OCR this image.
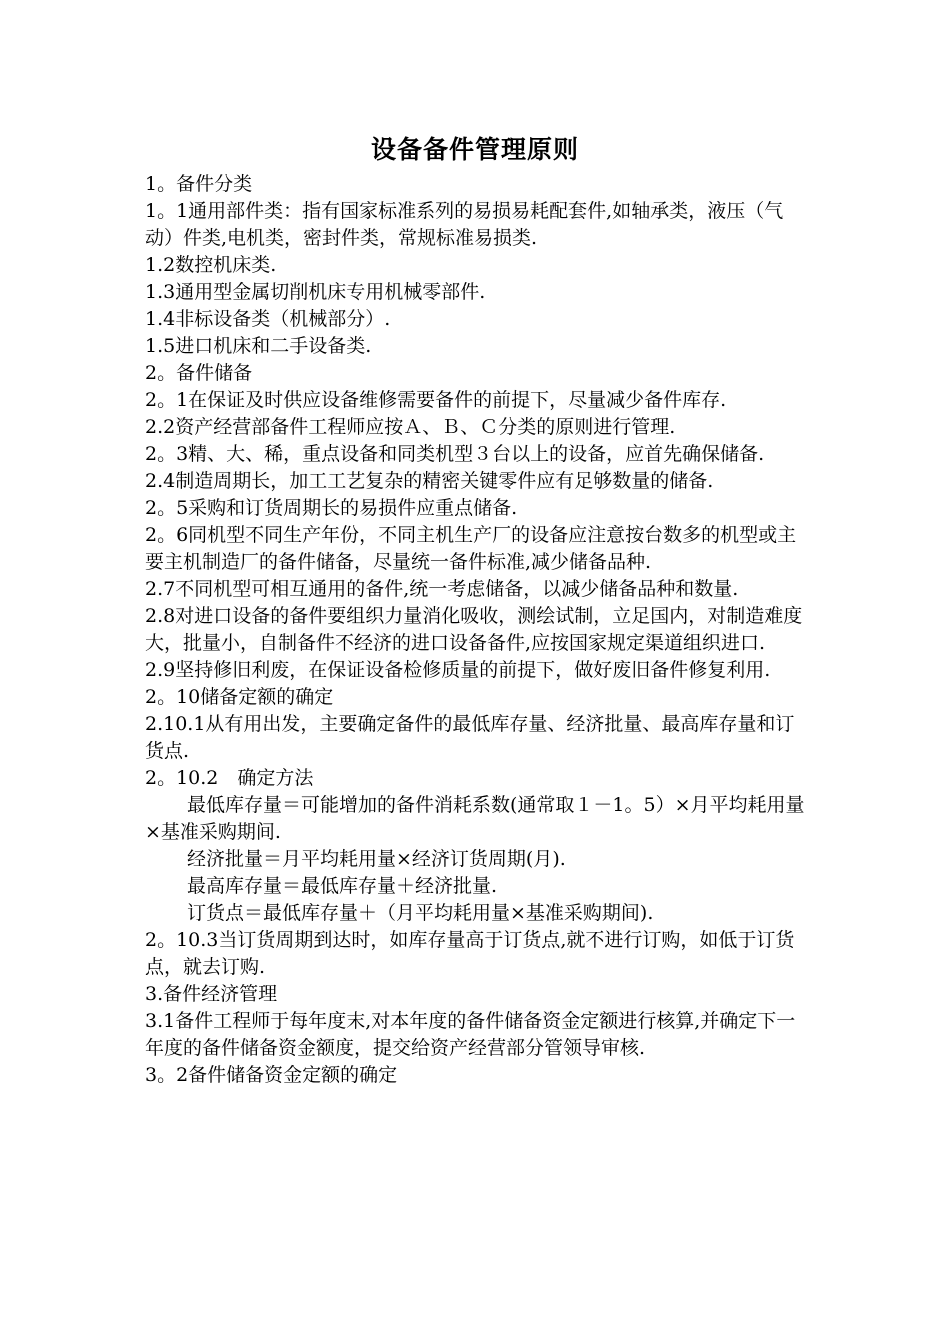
设备备件管理原则

1。备件分类

1。1通用部件类：指有国家标准系列的易损易耗配套件,如轴承类，液压（气动）件类,电机类，密封件类，常规标准易损类.

1.2数控机床类.

1.3通用型金属切削机床专用机械零部件.

1.4非标设备类（机械部分）.

1.5进口机床和二手设备类.

2。备件储备

2。1在保证及时供应设备维修需要备件的前提下，尽量减少备件库存.

2.2资产经营部备件工程师应按Ａ、Ｂ、Ｃ分类的原则进行管理.

2。3精、大、稀，重点设备和同类机型３台以上的设备，应首先确保储备.

2.4制造周期长，加工工艺复杂的精密关键零件应有足够数量的储备.

2。5采购和订货周期长的易损件应重点储备.

2。6同机型不同生产年份，不同主机生产厂的设备应注意按台数多的机型或主要主机制造厂的备件储备，尽量统一备件标准,减少储备品种.

2.7不同机型可相互通用的备件,统一考虑储备，以减少储备品种和数量.

2.8对进口设备的备件要组织力量消化吸收，测绘试制，立足国内，对制造难度大，批量小，自制备件不经济的进口设备备件,应按国家规定渠道组织进口.

2.9坚持修旧利废，在保证设备检修质量的前提下，做好废旧备件修复利用.

2。10储备定额的确定

2.10.1从有用出发，主要确定备件的最低库存量、经济批量、最高库存量和订货点.

2。10.2　确定方法

最低库存量＝可能增加的备件消耗系数(通常取１－1。5）×月平均耗用量×基准采购期间.

经济批量＝月平均耗用量×经济订货周期(月).

最高库存量＝最低库存量＋经济批量.

订货点＝最低库存量＋（月平均耗用量×基准采购期间).

2。10.3当订货周期到达时，如库存量高于订货点,就不进行订购，如低于订货点，就去订购.

3.备件经济管理

3.1备件工程师于每年度末,对本年度的备件储备资金定额进行核算,并确定下一年度的备件储备资金额度，提交给资产经营部分管领导审核.

3。2备件储备资金定额的确定
